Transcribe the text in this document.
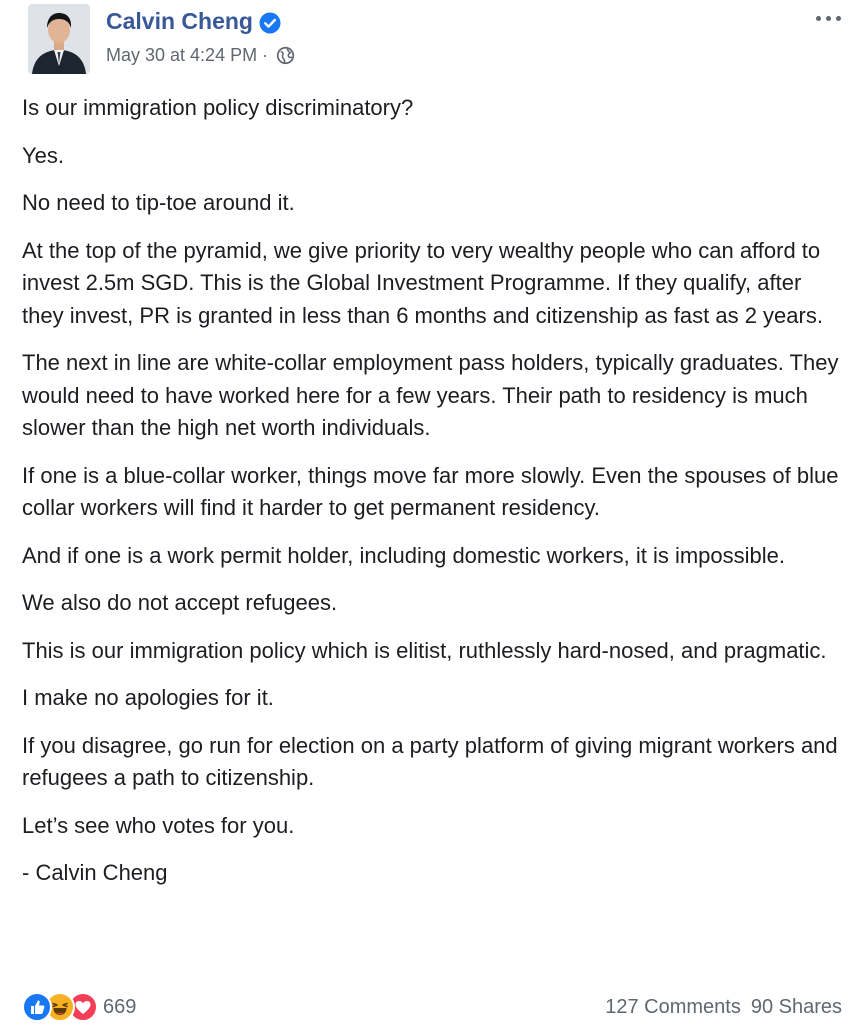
Calvin Cheng
May 30 at 4:24 PM ·

Is our immigration policy discriminatory?

Yes.

No need to tip-toe around it.

At the top of the pyramid, we give priority to very wealthy people who can afford to invest 2.5m SGD. This is the Global Investment Programme. If they qualify, after they invest, PR is granted in less than 6 months and citizenship as fast as 2 years.

The next in line are white-collar employment pass holders, typically graduates. They would need to have worked here for a few years. Their path to residency is much slower than the high net worth individuals.

If one is a blue-collar worker, things move far more slowly. Even the spouses of blue collar workers will find it harder to get permanent residency.

And if one is a work permit holder, including domestic workers, it is impossible.

We also do not accept refugees.

This is our immigration policy which is elitist, ruthlessly hard-nosed, and pragmatic.

I make no apologies for it.

If you disagree, go run for election on a party platform of giving migrant workers and refugees a path to citizenship.

Let’s see who votes for you.

- Calvin Cheng

669	127 Comments 90 Shares
